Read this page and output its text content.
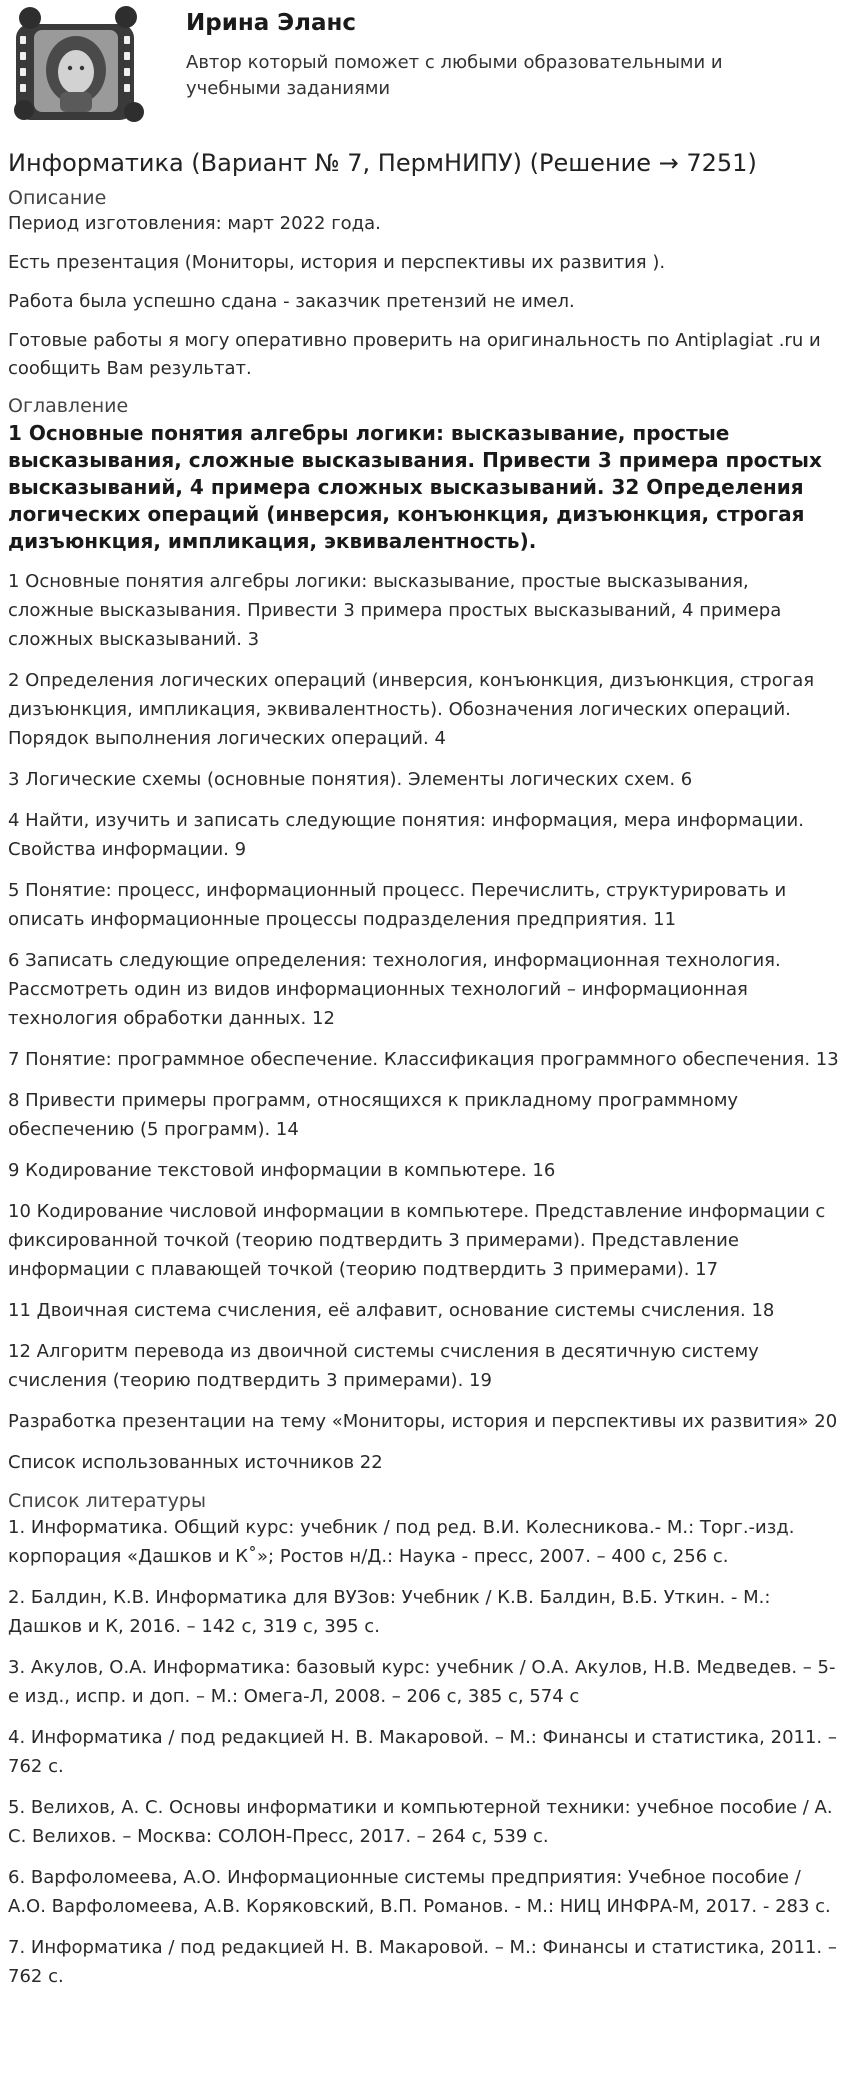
Ирина Эланс
Автор который поможет с любыми образовательными и учебными заданиями
Информатика (Вариант № 7, ПермНИПУ) (Решение → 7251)
Описание

Период изготовления: март 2022 года.

Есть презентация (Мониторы, история и перспективы их развития ).

Работа была успешно сдана - заказчик претензий не имел.

Готовые работы я могу оперативно проверить на оригинальность по Antiplagiat .ru и сообщить Вам результат.

Оглавление
1 Основные понятия алгебры логики: высказывание, простые высказывания, сложные высказывания. Привести 3 примера простых высказываний, 4 примера сложных высказываний. 32 Определения логических операций (инверсия, конъюнкция, дизъюнкция, строгая дизъюнкция, импликация, эквивалентность).

1 Основные понятия алгебры логики: высказывание, простые высказывания, сложные высказывания. Привести 3 примера простых высказываний, 4 примера сложных высказываний. 3

2 Определения логических операций (инверсия, конъюнкция, дизъюнкция, строгая дизъюнкция, импликация, эквивалентность). Обозначения логических операций. Порядок выполнения логических операций. 4

3 Логические схемы (основные понятия). Элементы логических схем. 6

4 Найти, изучить и записать следующие понятия: информация, мера информации. Свойства информации. 9

5 Понятие: процесс, информационный процесс. Перечислить, структурировать и описать информационные процессы подразделения предприятия. 11

6 Записать следующие определения: технология, информационная технология. Рассмотреть один из видов информационных технологий – информационная технология обработки данных. 12

7 Понятие: программное обеспечение. Классификация программного обеспечения. 13

8 Привести примеры программ, относящихся к прикладному программному обеспечению (5 программ). 14

9 Кодирование текстовой информации в компьютере. 16

10 Кодирование числовой информации в компьютере. Представление информации с фиксированной точкой (теорию подтвердить 3 примерами). Представление информации с плавающей точкой (теорию подтвердить 3 примерами). 17

11 Двоичная система счисления, её алфавит, основание системы счисления. 18

12 Алгоритм перевода из двоичной системы счисления в десятичную систему счисления (теорию подтвердить 3 примерами). 19

Разработка презентации на тему «Мониторы, история и перспективы их развития» 20

Список использованных источников 22

Список литературы

1. Информатика. Общий курс: учебник / под ред. В.И. Колесникова.- М.: Торг.-изд. корпорация «Дашков и К˚»; Ростов н/Д.: Наука - пресс, 2007. – 400 с, 256 с.

2. Балдин, К.В. Информатика для ВУЗов: Учебник / К.В. Балдин, В.Б. Уткин. - М.: Дашков и К, 2016. – 142 с, 319 с, 395 с.

3. Акулов, О.А. Информатика: базовый курс: учебник / О.А. Акулов, Н.В. Медведев. – 5-е изд., испр. и доп. – М.: Омега-Л, 2008. – 206 с, 385 с, 574 с

4. Информатика / под редакцией Н. В. Макаровой. – М.: Финансы и статистика, 2011. – 762 с.

5. Велихов, А. С. Основы информатики и компьютерной техники: учебное пособие / А. С. Велихов. – Москва: СОЛОН-Пресс, 2017. – 264 с, 539 с.

6. Варфоломеева, А.О. Информационные системы предприятия: Учебное пособие / А.О. Варфоломеева, А.В. Коряковский, В.П. Романов. - М.: НИЦ ИНФРА-М, 2017. - 283 с.

7. Информатика / под редакцией Н. В. Макаровой. – М.: Финансы и статистика, 2011. – 762 с.
